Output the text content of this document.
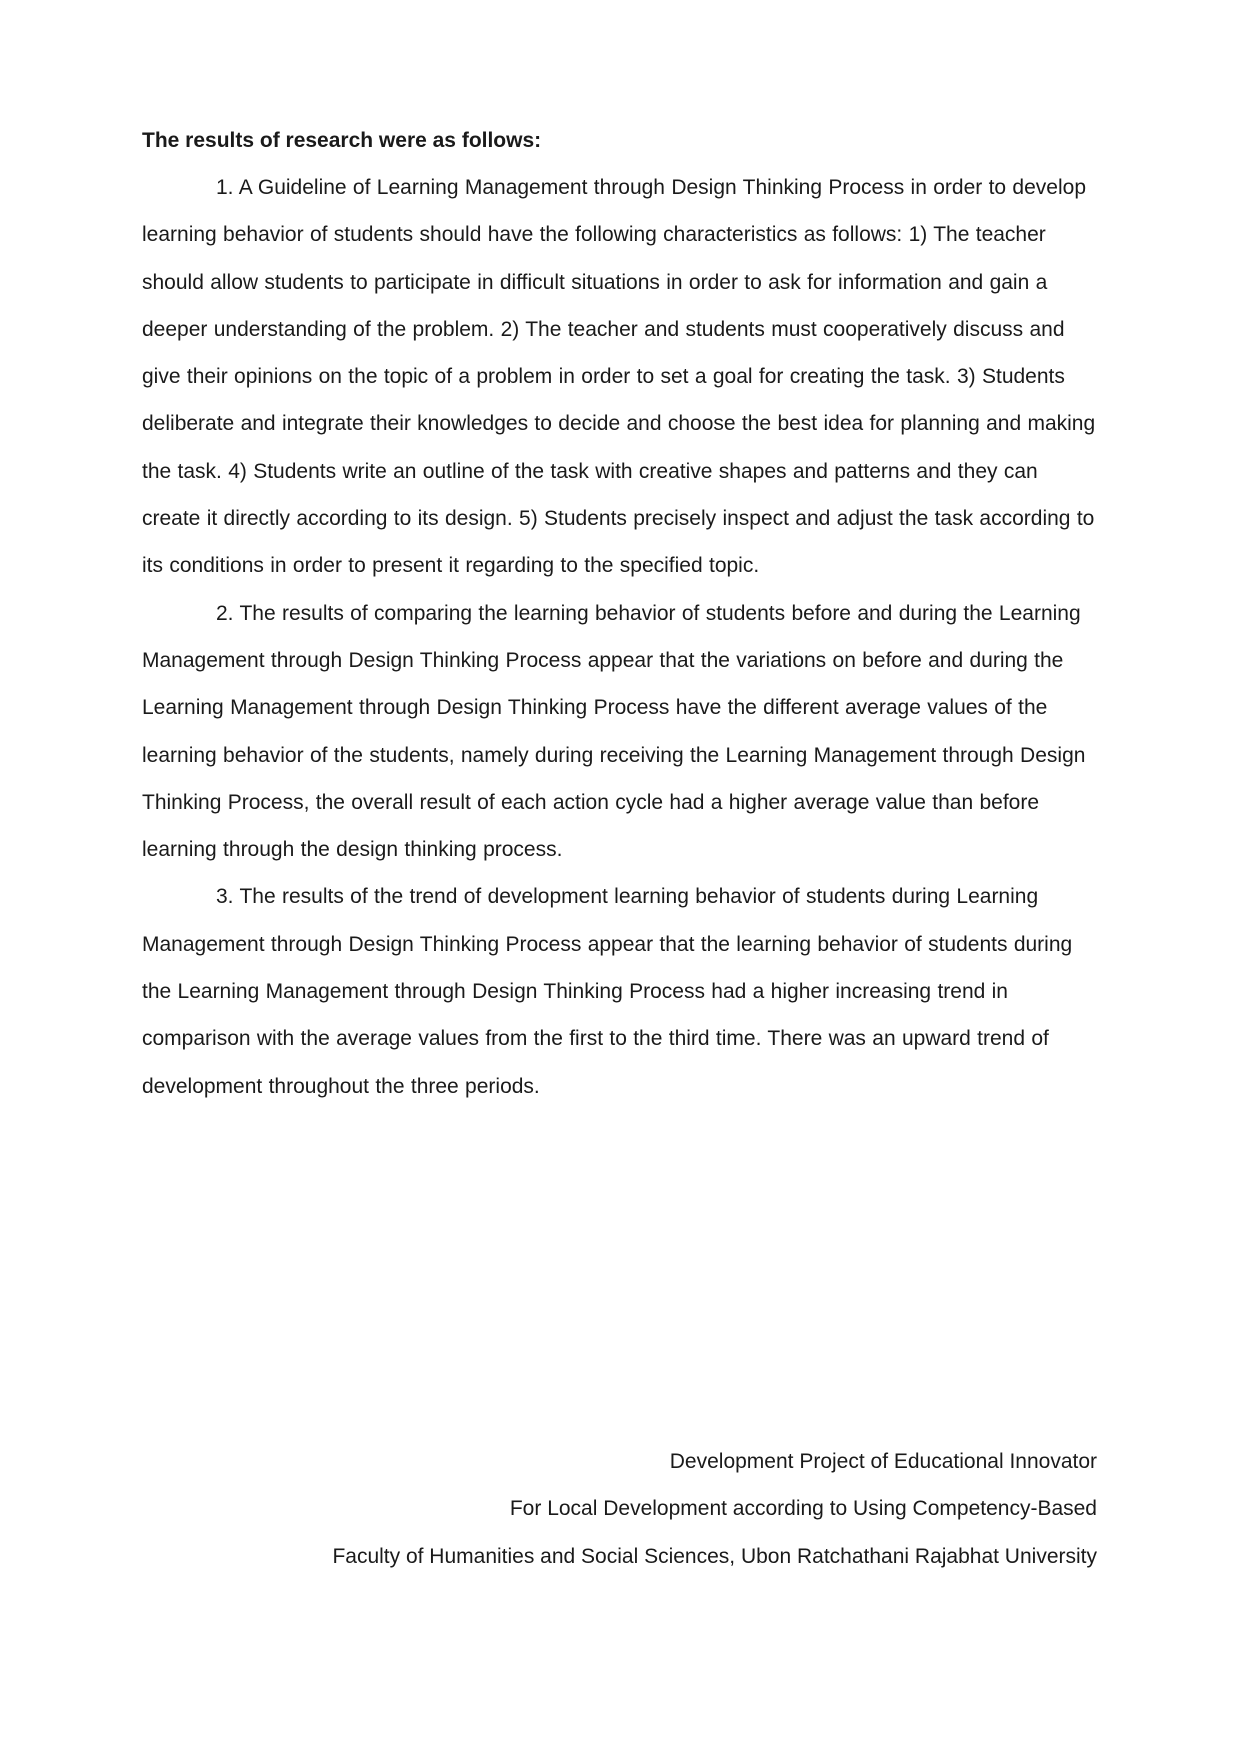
The results of research were as follows:

1. A Guideline of Learning Management through Design Thinking Process in order to develop learning behavior of students should have the following characteristics as follows: 1) The teacher should allow students to participate in difficult situations in order to ask for information and gain a deeper understanding of the problem. 2) The teacher and students must cooperatively discuss and give their opinions on the topic of a problem in order to set a goal for creating the task. 3) Students deliberate and integrate their knowledges to decide and choose the best idea for planning and making the task. 4) Students write an outline of the task with creative shapes and patterns and they can create it directly according to its design. 5) Students precisely inspect and adjust the task according to its conditions in order to present it regarding to the specified topic.

2. The results of comparing the learning behavior of students before and during the Learning Management through Design Thinking Process appear that the variations on before and during the Learning Management through Design Thinking Process have the different average values of the learning behavior of the students, namely during receiving the Learning Management through Design Thinking Process, the overall result of each action cycle had a higher average value than before learning through the design thinking process.

3. The results of the trend of development learning behavior of students during Learning Management through Design Thinking Process appear that the learning behavior of students during the Learning Management through Design Thinking Process had a higher increasing trend in comparison with the average values from the first to the third time. There was an upward trend of development throughout the three periods.

Development Project of Educational Innovator
For Local Development according to Using Competency-Based
Faculty of Humanities and Social Sciences, Ubon Ratchathani Rajabhat University
